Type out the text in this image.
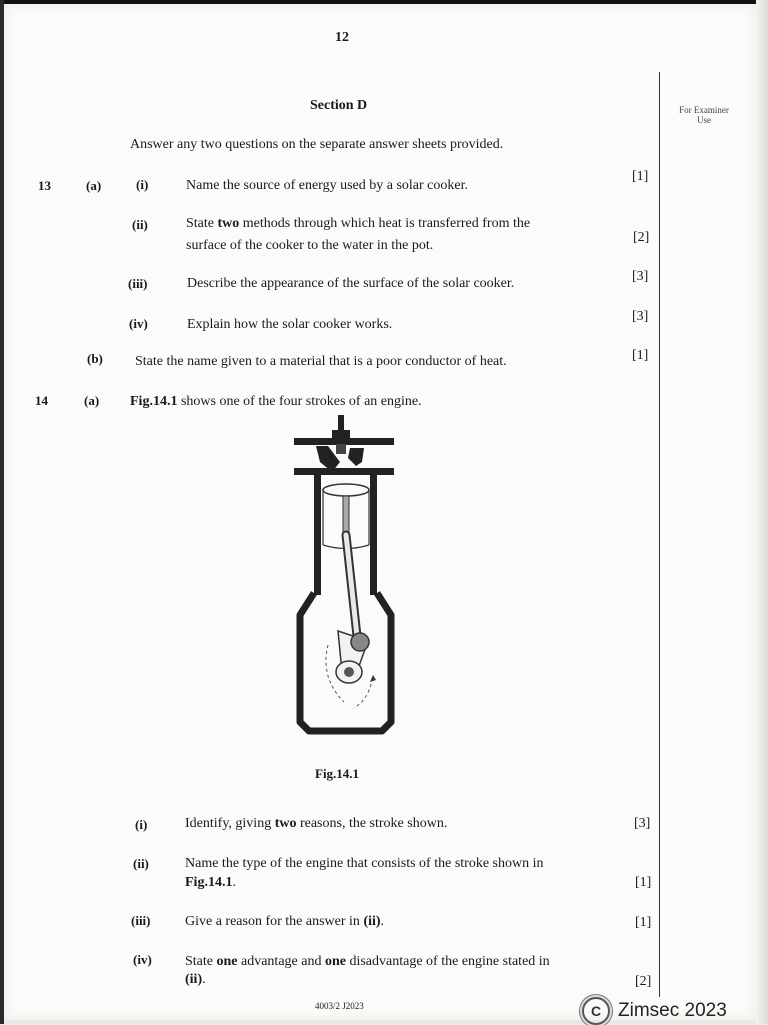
12
Section D	For Examiner Use
Answer any two questions on the separate answer sheets provided.
13	(a)	(i)	Name the source of energy used by a solar cooker.
[1]
(ii)	State two methods through which heat is transferred from the
surface of the cooker to the water in the pot.
[2]
(iii)	Describe the appearance of the surface of the solar cooker.	[3]
(iv)	Explain how the solar cooker works.
[3]
(b) State the name given to a material that is a poor conductor of heat.	[1]
14	(a) Fig.14.1 shows one of the four strokes of an engine.
Fig.14.1
(i)	Identify, giving two reasons, the stroke shown.	[3]
(ii)	Name the type of the engine that consists of the stroke shown in
Fig.14.1.	[1]
(iii) Give a reason for the answer in (ii).	[1]
(iv) State one advantage and one disadvantage of the engine stated in
(ii).	[2]
4003/2 J2023	C Zimsec 2023
